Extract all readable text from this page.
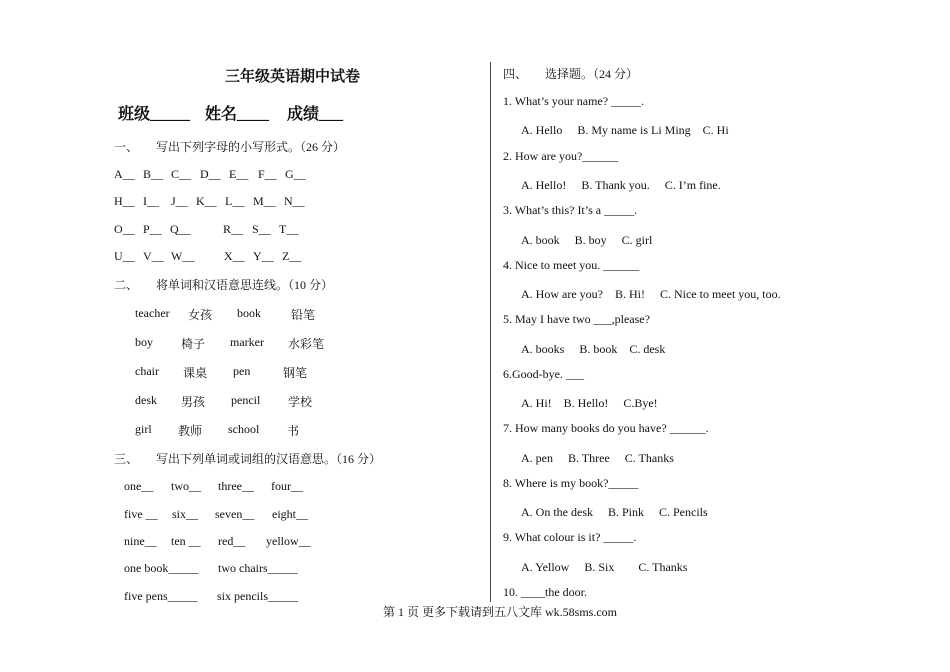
三年级英语期中试卷
班级_____ 姓名____ 成绩___
一、　　写出下列字母的小写形式。（26 分）
A__ B__ C__ D__ E__ F__ G__
H__ I__ J__ K__ L__ M__ N__
O__ P__ Q__	R__ S__ T__
U__ V__ W__ X__ Y__ Z__
二、　　将单词和汉语意思连线。（10 分）
teacher 女孩 book	铅笔
boy 椅子 marker 水彩笔
chair 课桌 pen	钢笔
desk 男孩 pencil 学校
girl 教师 school 书
三、　　写出下列单词或词组的汉语意思。（16 分）
one__ two__ three__ four__
five __ six__ seven__ eight__
nine__ ten __ red__ yellow__
one book_____ two chairs_____
five pens_____ six pencils_____
四、　　选择题。（24 分）
1. What’s your name? _____.
A. Hello　 B. My name is Li Ming　C. Hi
2. How are you?______
A. Hello!　 B. Thank you.　 C. I’m fine.
3. What’s this? It’s a _____.
A. book　 B. boy　 C. girl
4. Nice to meet you. ______
A. How are you?　B. Hi!　 C. Nice to meet you, too.
5. May I have two ___,please?
A. books　 B. book　C. desk
6.Good-bye. ___
A. Hi!　B. Hello!　 C.Bye!
7. How many books do you have? ______.
A. pen　 B. Three　 C. Thanks
8. Where is my book?_____
A. On the desk　 B. Pink　 C. Pencils
9. What colour is it? _____.
A. Yellow　 B. Six　　C. Thanks
10. ____the door.
第 1 页 更多下载请到五八文库 wk.58sms.com
